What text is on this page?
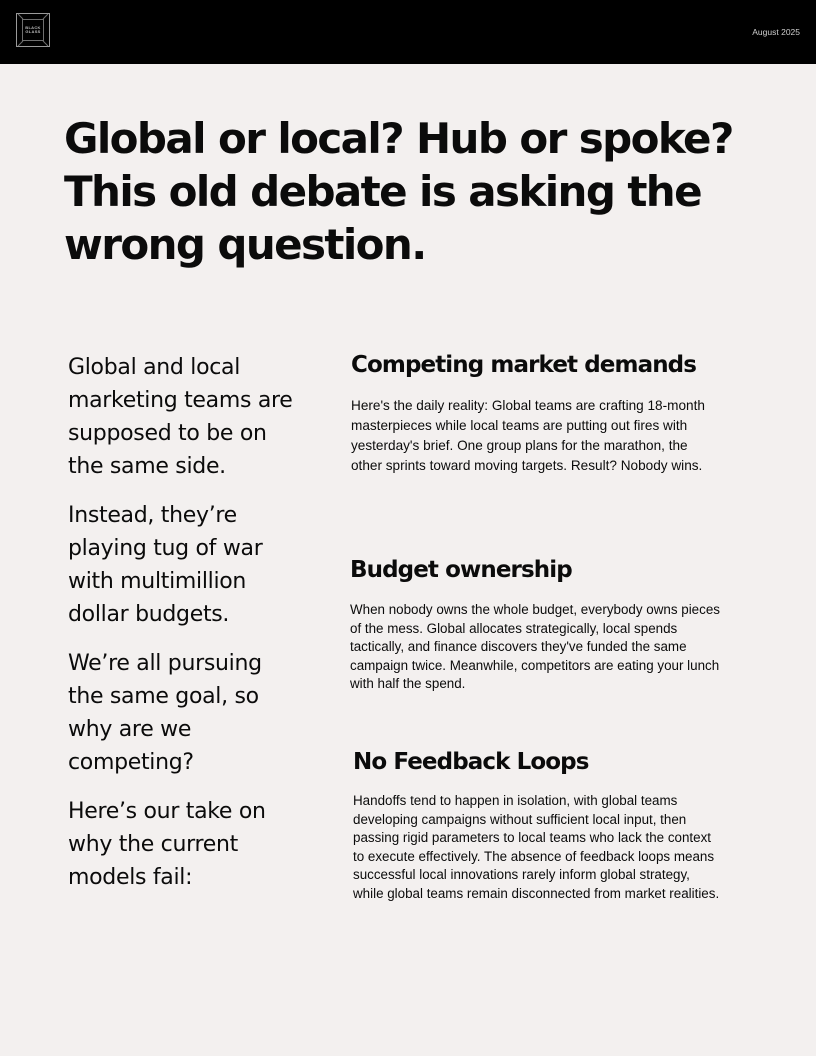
BLACK GLASS	August 2025
Global or local? Hub or spoke? This old debate is asking the wrong question.

Global and local marketing teams are supposed to be on the same side.

Instead, they’re playing tug of war with multimillion dollar budgets.

We’re all pursuing the same goal, so why are we competing?

Here’s our take on why the current models fail:

Competing market demands

Here's the daily reality: Global teams are crafting 18-month masterpieces while local teams are putting out fires with yesterday's brief. One group plans for the marathon, the other sprints toward moving targets. Result? Nobody wins.

Budget ownership

When nobody owns the whole budget, everybody owns pieces of the mess. Global allocates strategically, local spends tactically, and finance discovers they've funded the same campaign twice. Meanwhile, competitors are eating your lunch with half the spend.

No Feedback Loops

Handoffs tend to happen in isolation, with global teams developing campaigns without sufficient local input, then passing rigid parameters to local teams who lack the context to execute effectively. The absence of feedback loops means successful local innovations rarely inform global strategy, while global teams remain disconnected from market realities.
